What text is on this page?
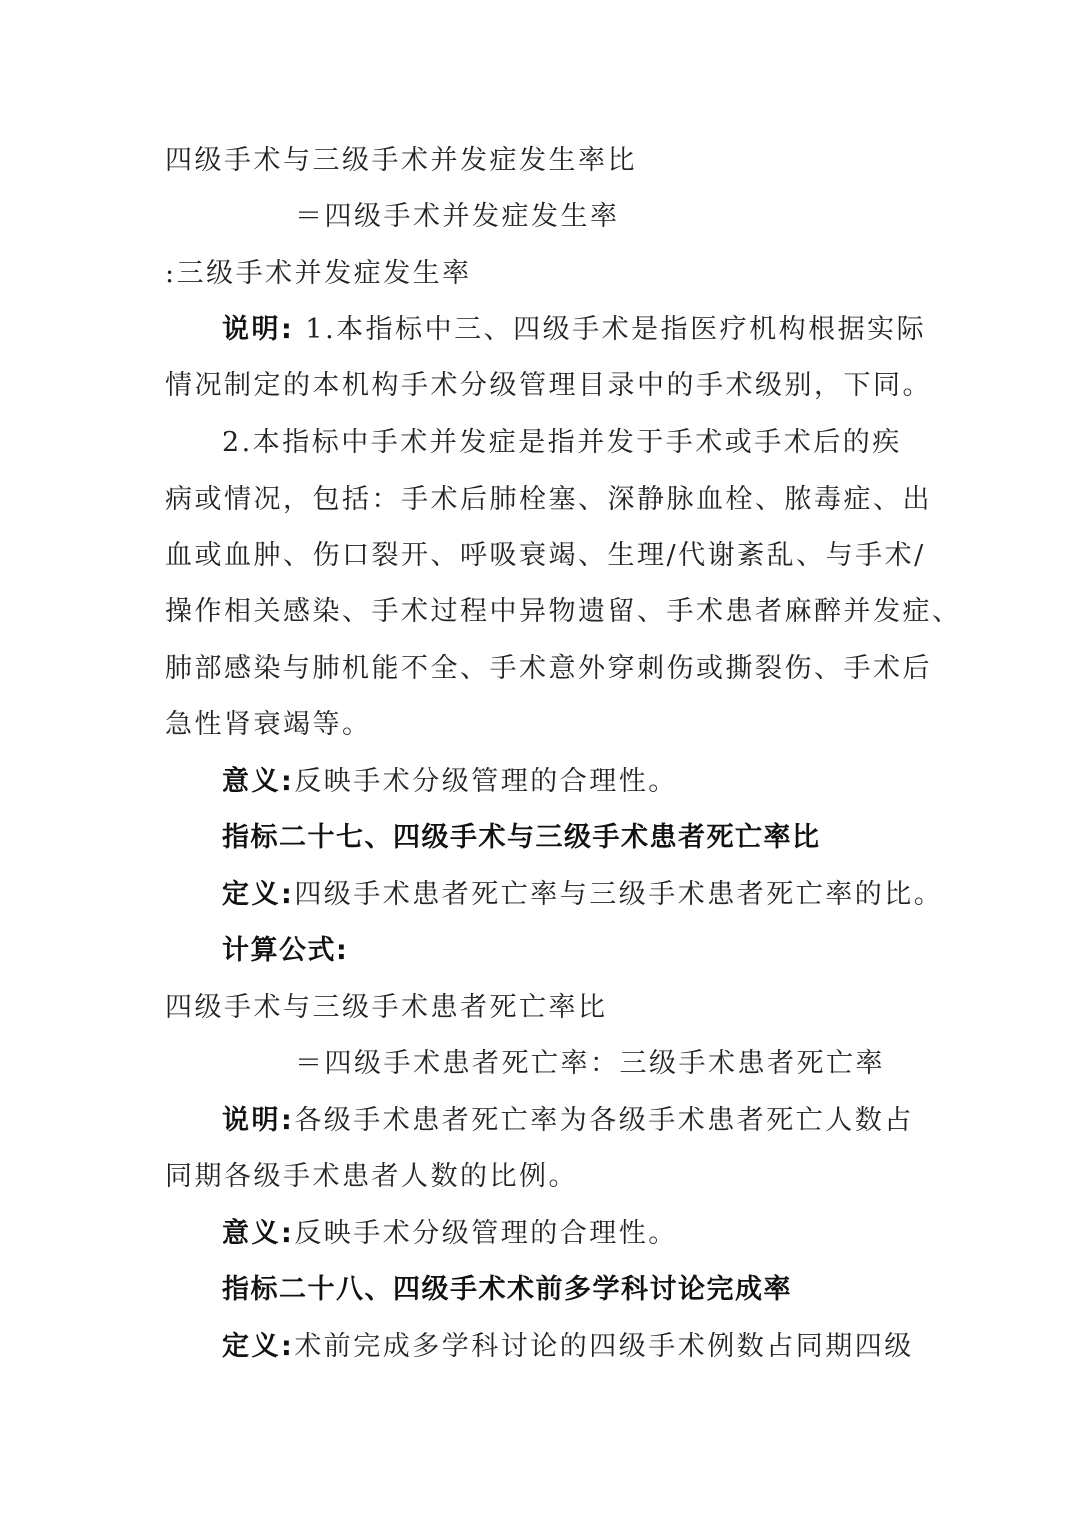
四级手术与三级手术并发症发生率比
＝四级手术并发症发生率
:三级手术并发症发生率
说明: 1.本指标中三、四级手术是指医疗机构根据实际
情况制定的本机构手术分级管理目录中的手术级别，下同。
2.本指标中手术并发症是指并发于手术或手术后的疾
病或情况，包括：手术后肺栓塞、深静脉血栓、脓毒症、出
血或血肿、伤口裂开、呼吸衰竭、生理/代谢紊乱、与手术/
操作相关感染、手术过程中异物遗留、手术患者麻醉并发症、
肺部感染与肺机能不全、手术意外穿刺伤或撕裂伤、手术后
急性肾衰竭等。
意义:反映手术分级管理的合理性。
指标二十七、四级手术与三级手术患者死亡率比
定义:四级手术患者死亡率与三级手术患者死亡率的比。
计算公式:
四级手术与三级手术患者死亡率比
＝四级手术患者死亡率：三级手术患者死亡率
说明:各级手术患者死亡率为各级手术患者死亡人数占
同期各级手术患者人数的比例。
意义:反映手术分级管理的合理性。
指标二十八、四级手术术前多学科讨论完成率
定义:术前完成多学科讨论的四级手术例数占同期四级
